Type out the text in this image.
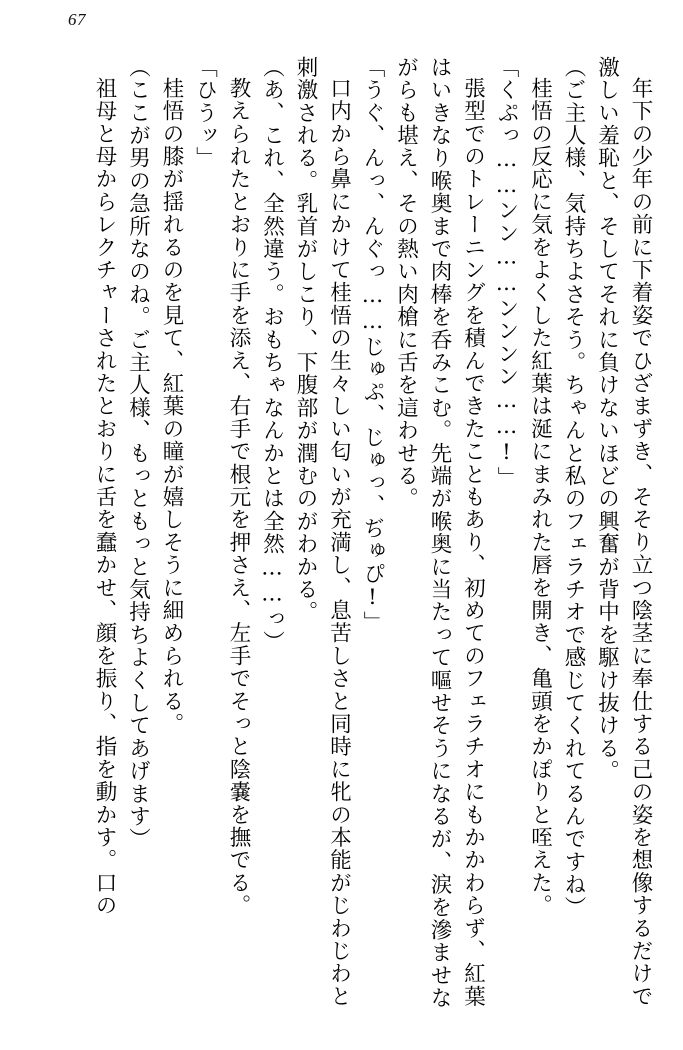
67

年下の少年の前に下着姿でひざまずき、そそり立つ陰茎に奉仕する己の姿を想像するだけで激しい羞恥と、そしてそれに負けないほどの興奮が背中を駆け抜ける。

（ご主人様、気持ちよさそう。ちゃんと私のフェラチオで感じてくれてるんですね）

桂悟の反応に気をよくした紅葉は涎にまみれた唇を開き、亀頭をかぽりと咥えた。

「くぷっ……ンン……ンンンン……!」

張型でのトレーニングを積んできたこともあり、初めてのフェラチオにもかかわらず、紅葉はいきなり喉奥まで肉棒を呑みこむ。先端が喉奥に当たって嘔せそうになるが、涙を滲ませながらも堪え、その熱い肉槍に舌を這わせる。

「うぐ、んっ、んぐっ……じゅぷ、じゅっ、ぢゅぴ!」

口内から鼻にかけて桂悟の生々しい匂いが充満し、息苦しさと同時に牝の本能がじわじわと刺激される。乳首がしこり、下腹部が潤むのがわかる。

（あ、これ、全然違う。おもちゃなんかとは全然……っ）

教えられたとおりに手を添え、右手で根元を押さえ、左手でそっと陰嚢を撫でる。

「ひうッ」

桂悟の膝が揺れるのを見て、紅葉の瞳が嬉しそうに細められる。

（ここが男の急所なのね。ご主人様、もっともっと気持ちよくしてあげます）

祖母と母からレクチャーされたとおりに舌を蠢かせ、顔を振り、指を動かす。口の
